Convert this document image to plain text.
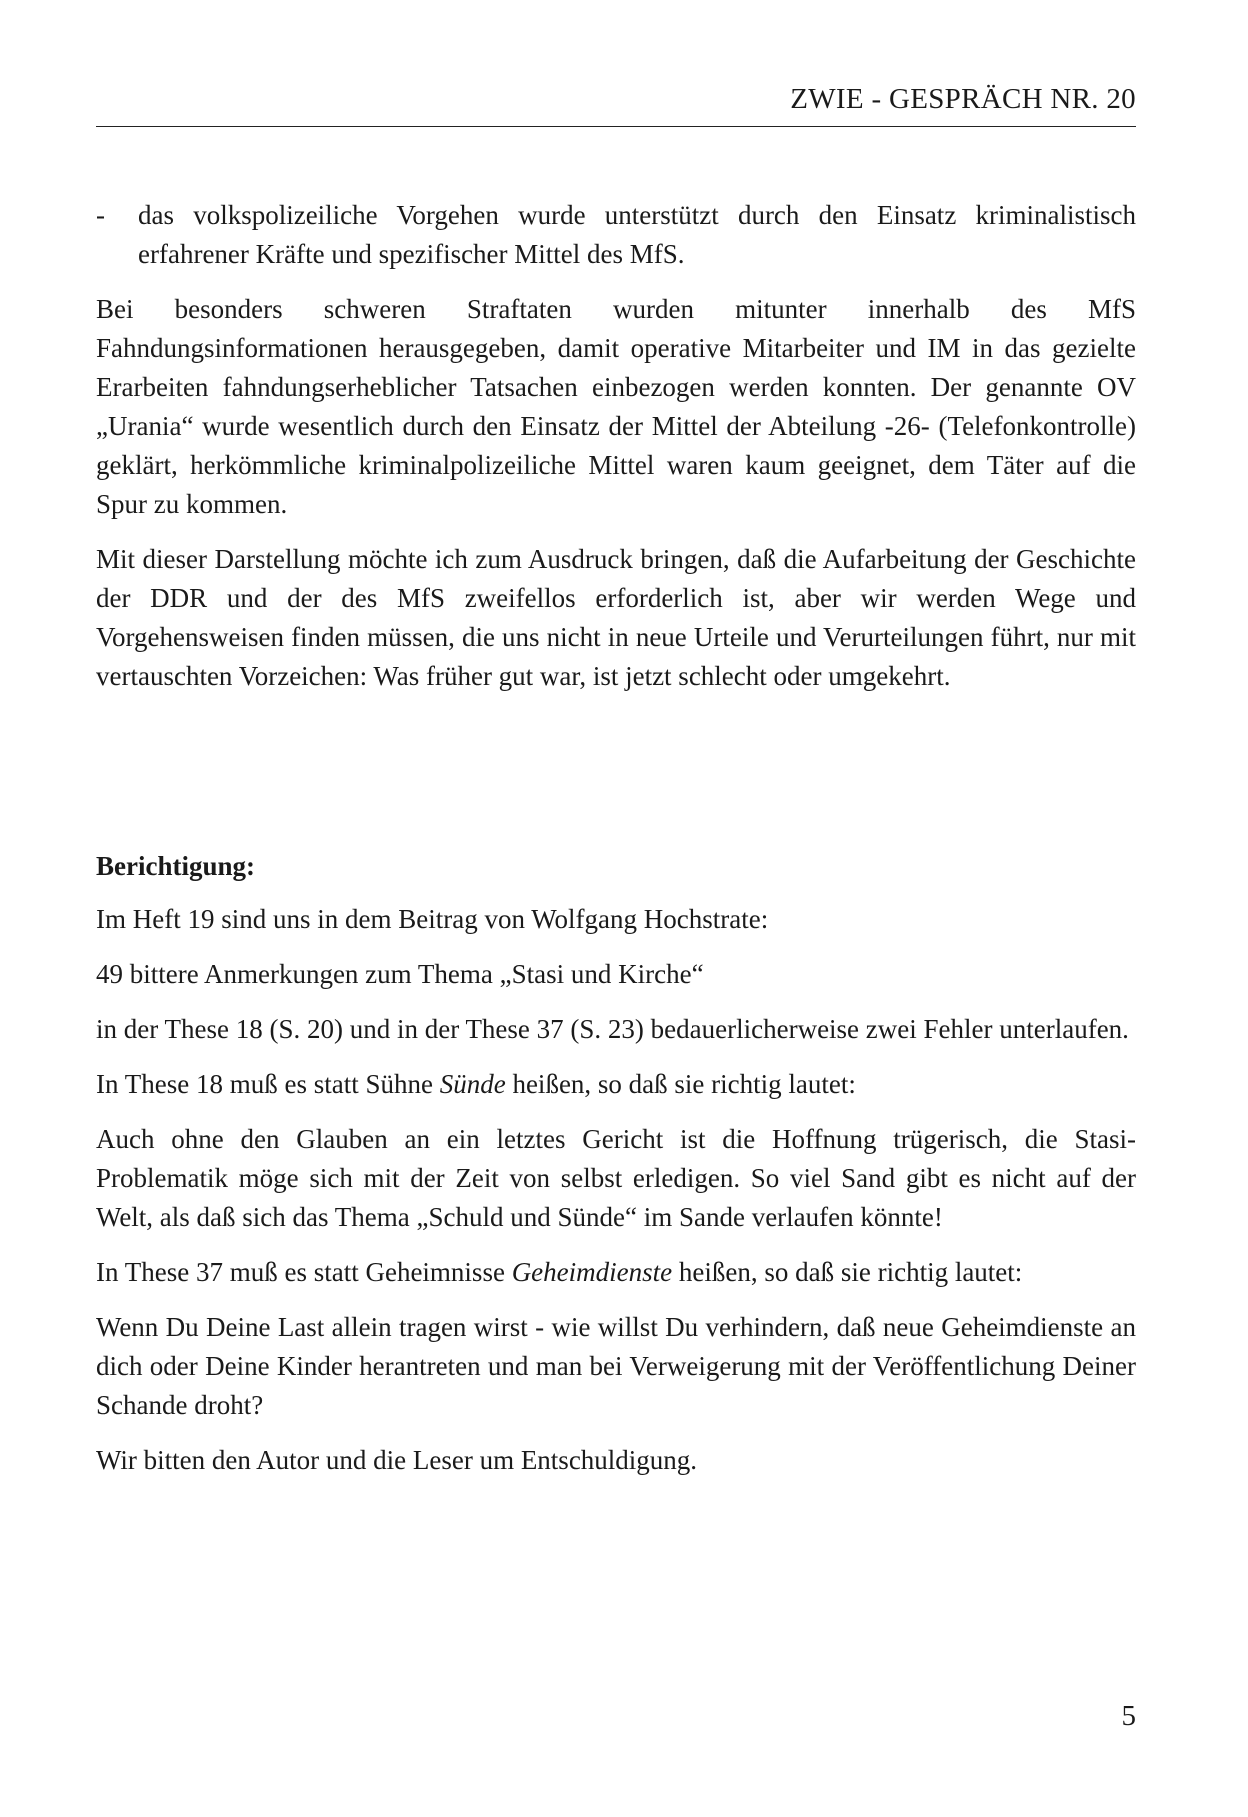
ZWIE - GESPRÄCH NR. 20
- das volkspolizeiliche Vorgehen wurde unterstützt durch den Einsatz kriminalistisch erfahrener Kräfte und spezifischer Mittel des MfS.

Bei besonders schweren Straftaten wurden mitunter innerhalb des MfS Fahndungsinformationen herausgegeben, damit operative Mitarbeiter und IM in das gezielte Erarbeiten fahndungserheblicher Tatsachen einbezogen werden konnten. Der genannte OV „Urania“ wurde wesentlich durch den Einsatz der Mittel der Abteilung -26- (Telefonkontrolle) geklärt, herkömmliche kriminalpolizeiliche Mittel waren kaum geeignet, dem Täter auf die Spur zu kommen.

Mit dieser Darstellung möchte ich zum Ausdruck bringen, daß die Aufarbeitung der Geschichte der DDR und der des MfS zweifellos erforderlich ist, aber wir werden Wege und Vorgehensweisen finden müssen, die uns nicht in neue Urteile und Verurteilungen führt, nur mit vertauschten Vorzeichen: Was früher gut war, ist jetzt schlecht oder umgekehrt.

Berichtigung:

Im Heft 19 sind uns in dem Beitrag von Wolfgang Hochstrate:

49 bittere Anmerkungen zum Thema „Stasi und Kirche“

in der These 18 (S. 20) und in der These 37 (S. 23) bedauerlicherweise zwei Fehler unterlaufen.

In These 18 muß es statt Sühne Sünde heißen, so daß sie richtig lautet:

Auch ohne den Glauben an ein letztes Gericht ist die Hoffnung trügerisch, die Stasi-Problematik möge sich mit der Zeit von selbst erledigen. So viel Sand gibt es nicht auf der Welt, als daß sich das Thema „Schuld und Sünde“ im Sande verlaufen könnte!

In These 37 muß es statt Geheimnisse Geheimdienste heißen, so daß sie richtig lautet:

Wenn Du Deine Last allein tragen wirst - wie willst Du verhindern, daß neue Geheimdienste an dich oder Deine Kinder herantreten und man bei Verweigerung mit der Veröffentlichung Deiner Schande droht?

Wir bitten den Autor und die Leser um Entschuldigung.

5
